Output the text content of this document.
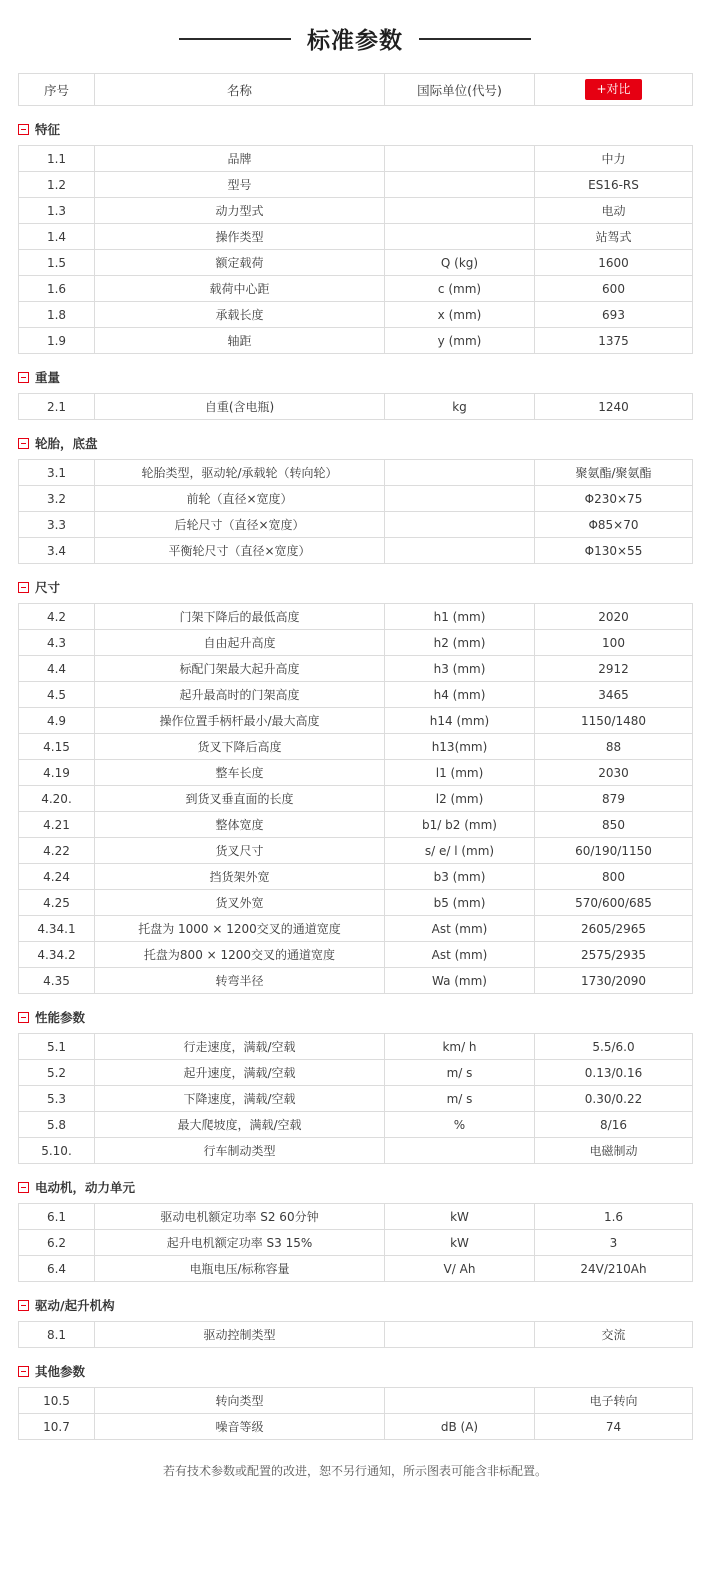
标准参数
序号	名称	国际单位(代号)	+对比
特征
1.1	品牌		中力
1.2	型号		ES16-RS
1.3	动力型式		电动
1.4	操作类型		站驾式
1.5	额定载荷	Q (kg)	1600
1.6	载荷中心距	c (mm)	600
1.8	承载长度	x (mm)	693
1.9	轴距	y (mm)	1375
重量
2.1	自重(含电瓶)	kg	1240
轮胎，底盘
3.1	轮胎类型，驱动轮/承载轮（转向轮）		聚氨酯/聚氨酯
3.2	前轮（直径×宽度）		Φ230×75
3.3	后轮尺寸（直径×宽度）		Φ85×70
3.4	平衡轮尺寸（直径×宽度）		Φ130×55
尺寸
4.2	门架下降后的最低高度	h1 (mm)	2020
4.3	自由起升高度	h2 (mm)	100
4.4	标配门架最大起升高度	h3 (mm)	2912
4.5	起升最高时的门架高度	h4 (mm)	3465
4.9	操作位置手柄杆最小/最大高度	h14 (mm)	1150/1480
4.15	货叉下降后高度	h13(mm)	88
4.19	整车长度	l1 (mm)	2030
4.20.	到货叉垂直面的长度	l2 (mm)	879
4.21	整体宽度	b1/ b2 (mm)	850
4.22	货叉尺寸	s/ e/ l (mm)	60/190/1150
4.24	挡货架外宽	b3 (mm)	800
4.25	货叉外宽	b5 (mm)	570/600/685
4.34.1	托盘为 1000 × 1200交叉的通道宽度	Ast (mm)	2605/2965
4.34.2	托盘为800 × 1200交叉的通道宽度	Ast (mm)	2575/2935
4.35	转弯半径	Wa (mm)	1730/2090
性能参数
5.1	行走速度，满载/空载	km/ h	5.5/6.0
5.2	起升速度，满载/空载	m/ s	0.13/0.16
5.3	下降速度，满载/空载	m/ s	0.30/0.22
5.8	最大爬坡度，满载/空载	%	8/16
5.10.	行车制动类型		电磁制动
电动机，动力单元
6.1	驱动电机额定功率 S2 60分钟	kW	1.6
6.2	起升电机额定功率 S3 15%	kW	3
6.4	电瓶电压/标称容量	V/ Ah	24V/210Ah
驱动/起升机构
8.1	驱动控制类型		交流
其他参数
10.5	转向类型		电子转向
10.7	噪音等级	dB (A)	74
若有技术参数或配置的改进，恕不另行通知，所示图表可能含非标配置。
